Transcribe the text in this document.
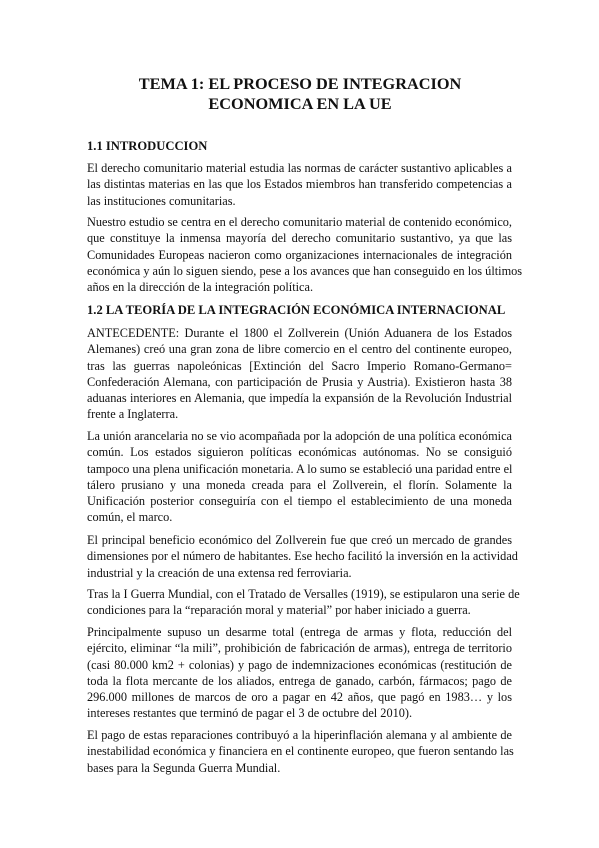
TEMA 1: EL PROCESO DE INTEGRACION
ECONOMICA EN LA UE
1.1 INTRODUCCION
El derecho comunitario material estudia las normas de carácter sustantivo aplicables a
las distintas materias en las que los Estados miembros han transferido competencias a
las instituciones comunitarias.
Nuestro estudio se centra en el derecho comunitario material de contenido económico,
que constituye la inmensa mayoría del derecho comunitario sustantivo, ya que las
Comunidades Europeas nacieron como organizaciones internacionales de integración
económica y aún lo siguen siendo, pese a los avances que han conseguido en los últimos
años en la dirección de la integración política.
1.2 LA TEORÍA DE LA INTEGRACIÓN ECONÓMICA INTERNACIONAL
ANTECEDENTE: Durante el 1800 el Zollverein (Unión Aduanera de los Estados
Alemanes) creó una gran zona de libre comercio en el centro del continente europeo,
tras las guerras napoleónicas [Extinción del Sacro Imperio Romano-Germano=
Confederación Alemana, con participación de Prusia y Austria). Existieron hasta 38
aduanas interiores en Alemania, que impedía la expansión de la Revolución Industrial
frente a Inglaterra.
La unión arancelaria no se vio acompañada por la adopción de una política económica
común. Los estados siguieron políticas económicas autónomas. No se consiguió
tampoco una plena unificación monetaria. A lo sumo se estableció una paridad entre el
tálero prusiano y una moneda creada para el Zollverein, el florín. Solamente la
Unificación posterior conseguiría con el tiempo el establecimiento de una moneda
común, el marco.
El principal beneficio económico del Zollverein fue que creó un mercado de grandes
dimensiones por el número de habitantes. Ese hecho facilitó la inversión en la actividad
industrial y la creación de una extensa red ferroviaria.
Tras la I Guerra Mundial, con el Tratado de Versalles (1919), se estipularon una serie de
condiciones para la “reparación moral y material” por haber iniciado a guerra.
Principalmente supuso un desarme total (entrega de armas y flota, reducción del
ejército, eliminar “la mili”, prohibición de fabricación de armas), entrega de territorio
(casi 80.000 km2 + colonias) y pago de indemnizaciones económicas (restitución de
toda la flota mercante de los aliados, entrega de ganado, carbón, fármacos; pago de
296.000 millones de marcos de oro a pagar en 42 años, que pagó en 1983… y los
intereses restantes que terminó de pagar el 3 de octubre del 2010).
El pago de estas reparaciones contribuyó a la hiperinflación alemana y al ambiente de
inestabilidad económica y financiera en el continente europeo, que fueron sentando las
bases para la Segunda Guerra Mundial.
